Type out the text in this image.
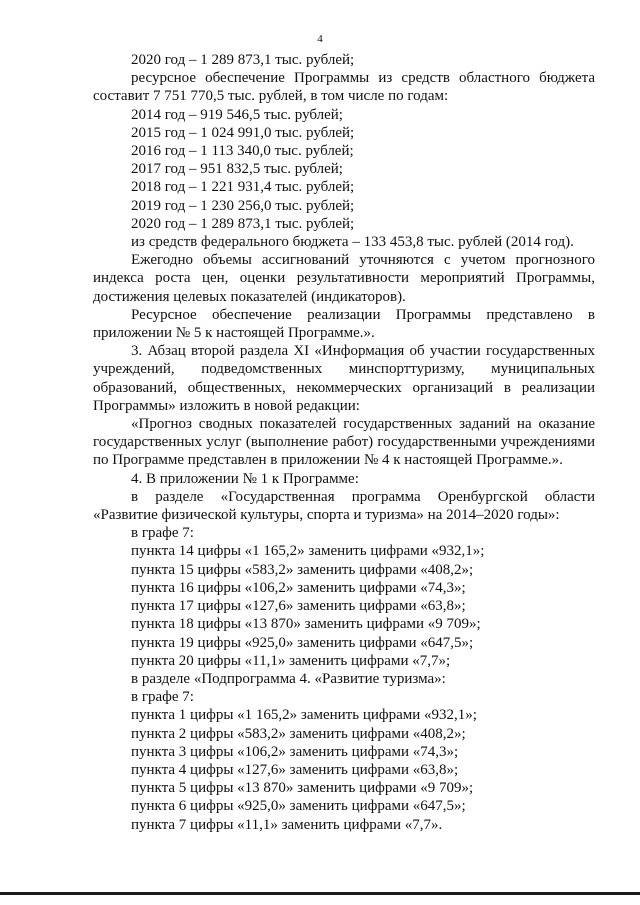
4

2020 год – 1 289 873,1 тыс. рублей;

ресурсное обеспечение Программы из средств областного бюджета составит 7 751 770,5 тыс. рублей, в том числе по годам:

2014 год – 919 546,5 тыс. рублей;

2015 год – 1 024 991,0 тыс. рублей;

2016 год – 1 113 340,0 тыс. рублей;

2017 год – 951 832,5 тыс. рублей;

2018 год – 1 221 931,4 тыс. рублей;

2019 год – 1 230 256,0 тыс. рублей;

2020 год – 1 289 873,1 тыс. рублей;

из средств федерального бюджета – 133 453,8 тыс. рублей (2014 год).

Ежегодно объемы ассигнований уточняются с учетом прогнозного индекса роста цен, оценки результативности мероприятий Программы, достижения целевых показателей (индикаторов).

Ресурсное обеспечение реализации Программы представлено в приложении № 5 к настоящей Программе.».

3. Абзац второй раздела XI «Информация об участии государственных учреждений, подведомственных минспорттуризму, муниципальных образований, общественных, некоммерческих организаций в реализации Программы» изложить в новой редакции:

«Прогноз сводных показателей государственных заданий на оказание государственных услуг (выполнение работ) государственными учреждениями по Программе представлен в приложении № 4 к настоящей Программе.».

4. В приложении № 1 к Программе:

в разделе «Государственная программа Оренбургской области «Развитие физической культуры, спорта и туризма» на 2014–2020 годы»:

в графе 7:

пункта 14 цифры «1 165,2» заменить цифрами «932,1»;

пункта 15 цифры «583,2» заменить цифрами «408,2»;

пункта 16 цифры «106,2» заменить цифрами «74,3»;

пункта 17 цифры «127,6» заменить цифрами «63,8»;

пункта 18 цифры «13 870» заменить цифрами «9 709»;

пункта 19 цифры «925,0» заменить цифрами «647,5»;

пункта 20 цифры «11,1» заменить цифрами «7,7»;

в разделе «Подпрограмма 4. «Развитие туризма»:

в графе 7:

пункта 1 цифры «1 165,2» заменить цифрами «932,1»;

пункта 2 цифры «583,2» заменить цифрами «408,2»;

пункта 3 цифры «106,2» заменить цифрами «74,3»;

пункта 4 цифры «127,6» заменить цифрами «63,8»;

пункта 5 цифры «13 870» заменить цифрами «9 709»;

пункта 6 цифры «925,0» заменить цифрами «647,5»;

пункта 7 цифры «11,1» заменить цифрами «7,7».
